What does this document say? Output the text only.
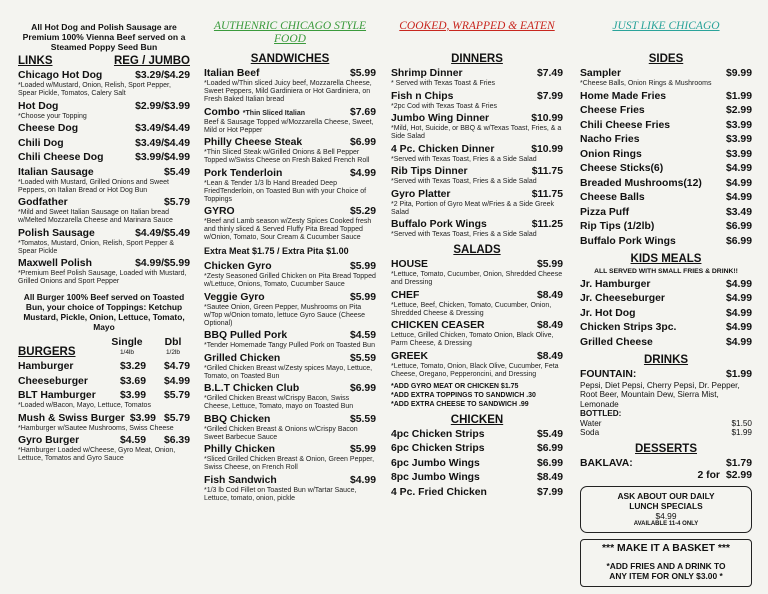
All Hot Dog and Polish Sausage are Premium 100% Vienna Beef served on a Steamed Poppy Seed Bun
LINKS	REG / JUMBO
Chicago Hot Dog	$3.29/$4.29
*Loaded w/Mustard, Onion, Relish, Sport Pepper, Spear Pickle, Tomatos, Calery Salt
Hot Dog	$2.99/$3.99
*Choose your Topping
Cheese Dog	$3.49/$4.49
Chili Dog	$3.49/$4.49
Chili Cheese Dog	$3.99/$4.99
Italian Sausage	$5.49
*Loaded with Mustard, Grilled Onions and Sweet Peppers, on Italian Bread or Hot Dog Bun
Godfather	$5.79
*Mild and Sweet Italian Sausage on Italian bread w/Melted Mozzarella Cheese and Marinara Sauce
Polish Sausage	$4.49/$5.49
*Tomatos, Mustard, Onion, Relish, Sport Pepper & Spear Pickle
Maxwell Polish	$4.99/$5.99
*Premium Beef Polish Sausage, Loaded with Mustard, Grilled Onions and Sport Pepper
All Burger 100% Beef served on Toasted Bun, your choice of Toppings: Ketchup Mustard, Pickle, Onion, Lettuce, Tomato, Mayo
BURGERS
Single
1/4lb
Dbl
1/2lb
Hamburger	$3.29	$4.79
Cheeseburger	$3.69	$4.99
BLT Hamburger	$3.99	$5.79
*Loaded w/Bacon, Mayo, Lettuce, Tomatos
Mush & Swiss Burger $3.99 $5.79
*Hamburger w/Sautee Mushrooms, Swiss Cheese
Gyro Burger	$4.59	$6.39
*Hamburger Loaded w/Cheese, Gyro Meat, Onion, Lettuce, Tomatos and Gyro Sauce
AUTHENRIC CHICAGO STYLE FOOD
SANDWICHES
Italian Beef	$5.99
*Loaded w/Thin sliced Juicy beef, Mozzarella Cheese, Sweet Peppers, Mild Gardiniera or Hot Gardiniera, on Fresh Baked Italian bread
Combo *Thin Sliced Italian	$7.69
Beef & Sausage Topped w/Mozzarella Cheese, Sweet, Mild or Hot Pepper
Philly Cheese Steak	$6.99
*Thin Sliced Steak w/Grilled Onions & Bell Pepper Topped w/Swiss Cheese on Fresh Baked French Roll
Pork Tenderloin	$4.99
*Lean & Tender 1/3 lb Hand Breaded Deep FriedTenderloin, on Toasted Bun with your Choice of Toppings
GYRO	$5.29
*Beef and Lamb season w/Zesty Spices Cooked fresh and thinly sliced & Served Fluffy Pita Bread Topped w/Onion, Tomato, Sour Cream & Cucumber Sauce
Extra Meat $1.75 / Extra Pita $1.00
Chicken Gyro	$5.99
*Zesty Seasoned Grilled Chicken on Pita Bread Topped w/Lettuce, Onions, Tomato, Cucumber Sauce
Veggie Gyro	$5.99
*Sautee Onion, Green Pepper, Mushrooms on Pita w/Top w/Onion tomato, lettuce Gyro Sauce (Cheese Optional)
BBQ Pulled Pork	$4.59
*Tender Homemade Tangy Pulled Pork on Toasted Bun
Grilled Chicken	$5.59
*Grilled Chicken Breast w/Zesty spices Mayo, Lettuce, Tomato, on Toasted Bun
B.L.T Chicken Club	$6.99
*Grilled Chicken Breast w/Crispy Bacon, Swiss Cheese, Lettuce, Tomato, mayo on Toasted Bun
BBQ Chicken	$5.59
*Grilled Chicken Breast & Onions w/Crispy Bacon Sweet Barbecue Sauce
Philly Chicken	$5.99
*Sliced Grilled Chicken Breast & Onion, Green Pepper, Swiss Cheese, on French Roll
Fish Sandwich	$4.99
*1/3 lb Cod Fillet on Toasted Bun w/Tartar Sauce, Lettuce, tomato, onion, pickle
COOKED, WRAPPED & EATEN
DINNERS
Shrimp Dinner	$7.49
* Served with Texas Toast & Fries
Fish n Chips	$7.99
*2pc Cod with Texas Toast & Fries
Jumbo Wing Dinner	$10.99
*Mild, Hot, Suicide, or BBQ & w/Texas Toast, Fries, & a Side Salad
4 Pc. Chicken Dinner	$10.99
*Served with Texas Toast, Fries & a Side Salad
Rib Tips Dinner	$11.75
*Served with Texas Toast, Fries & a Side Salad
Gyro Platter	$11.75
*2 Pita, Portion of Gyro Meat w/Fries & a Side Greek Salad
Buffalo Pork Wings	$11.25
*Served with Texas Toast, Fries & a Side Salad
SALADS
HOUSE	$5.99
*Lettuce, Tomato, Cucumber, Onion, Shredded Cheese and Dressing
CHEF	$8.49
*Lettuce, Beef, Chicken, Tomato, Cucumber, Onion, Shredded Cheese & Dressing
CHICKEN CEASER	$8.49
Lettuce, Grilled Chicken, Tomato Onion, Black Olive, Parm Cheese, & Dressing
GREEK	$8.49
*Lettuce, Tomato, Onion, Black Olive, Cucumber, Feta Cheese, Oregano, Pepperoncini, and Dressing
*ADD GYRO MEAT OR CHICKEN $1.75
*ADD EXTRA TOPPINGS TO SANDWICH .30
*ADD EXTRA CHEESE TO SANDWICH .99
CHICKEN
4pc Chicken Strips	$5.49
6pc Chicken Strips	$6.99
6pc Jumbo Wings	$6.99
8pc Jumbo Wings	$8.49
4 Pc. Fried Chicken	$7.99
JUST LIKE CHICAGO
SIDES
Sampler	$9.99
*Cheese Balls, Onion Rings & Mushrooms
Home Made Fries	$1.99
Cheese Fries	$2.99
Chili Cheese Fries	$3.99
Nacho Fries	$3.99
Onion Rings	$3.99
Cheese Sticks(6)	$4.99
Breaded Mushrooms(12) $4.99
Cheese Balls	$4.99
Pizza Puff	$3.49
Rip Tips (1/2lb)	$6.99
Buffalo Pork Wings	$6.99
KIDS MEALS
ALL SERVED WITH SMALL FRIES & DRINK!!
Jr. Hamburger	$4.99
Jr. Cheeseburger	$4.99
Jr. Hot Dog	$4.99
Chicken Strips 3pc.	$4.99
Grilled Cheese	$4.99
DRINKS
FOUNTAIN:	$1.99
Pepsi, Diet Pepsi, Cherry Pepsi, Dr. Pepper, Root Beer, Mountain Dew, Sierra Mist, Lemonade
BOTTLED:
Water	$1.50
Soda	$1.99
DESSERTS
BAKLAVA:	$1.79
2 for $2.99
ASK ABOUT OUR DAILY
LUNCH SPECIALS
$4.99
AVAILABLE 11-4 ONLY
*** MAKE IT A BASKET ***
*ADD FRIES AND A DRINK TO
ANY ITEM FOR ONLY $3.00 *
